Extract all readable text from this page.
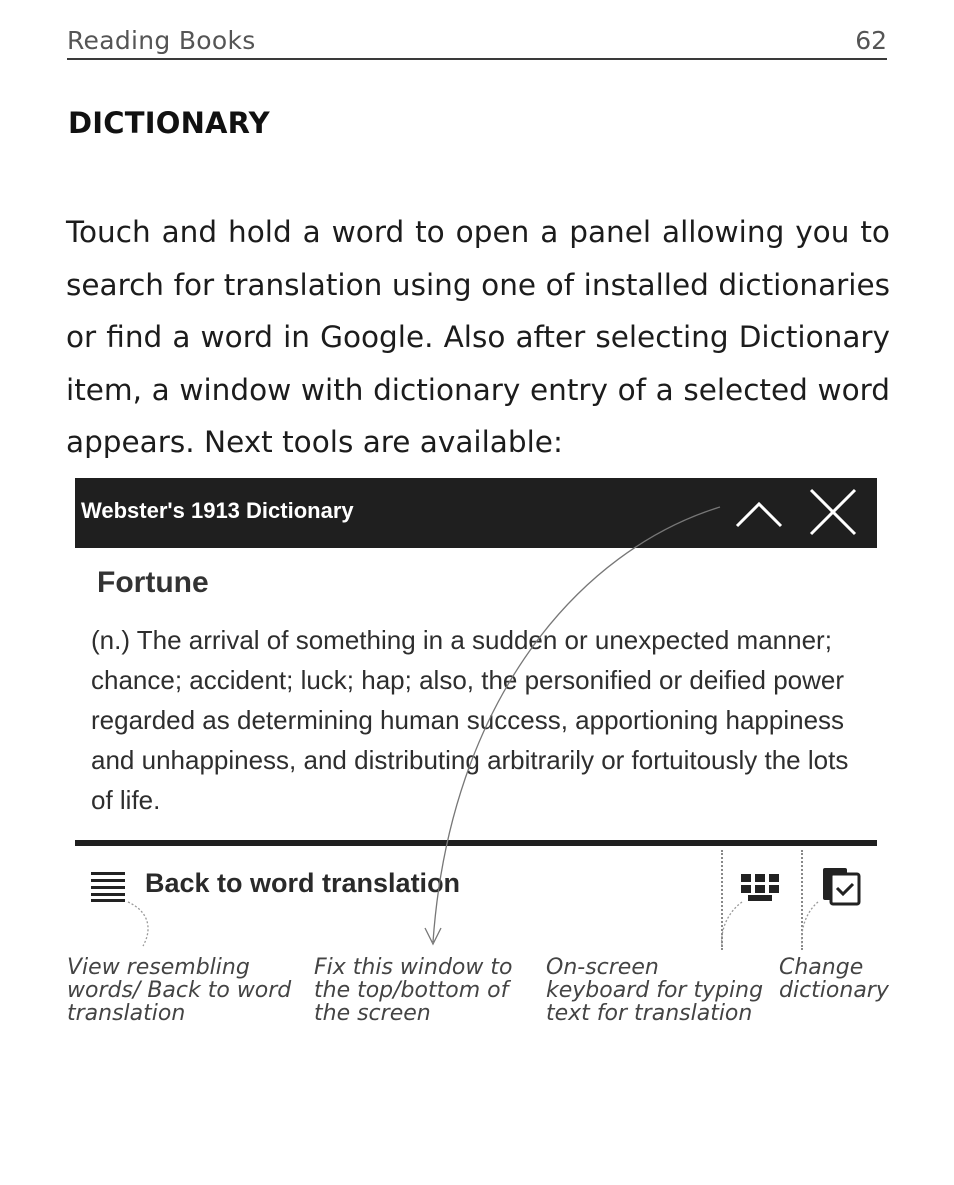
Reading Books	62
DICTIONARY

Touch and hold a word to open a panel allowing you to search for translation using one of installed dictionaries or find a word in Google. Also after selecting Dictionary item, a window with dictionary entry of a selected word appears. Next tools are available:

Webster's 1913 Dictionary
Fortune

(n.) The arrival of something in a sudden or unexpected manner; chance; accident; luck; hap; also, the personified or deified power regarded as determining human success, apportioning happiness and unhappiness, and distributing arbitrarily or fortuitously the lots of life.

Back to word translation

View resembling words/ Back to word translation

Fix this window to the top/bottom of the screen

On-screen keyboard for typing text for translation

Change dictionary
